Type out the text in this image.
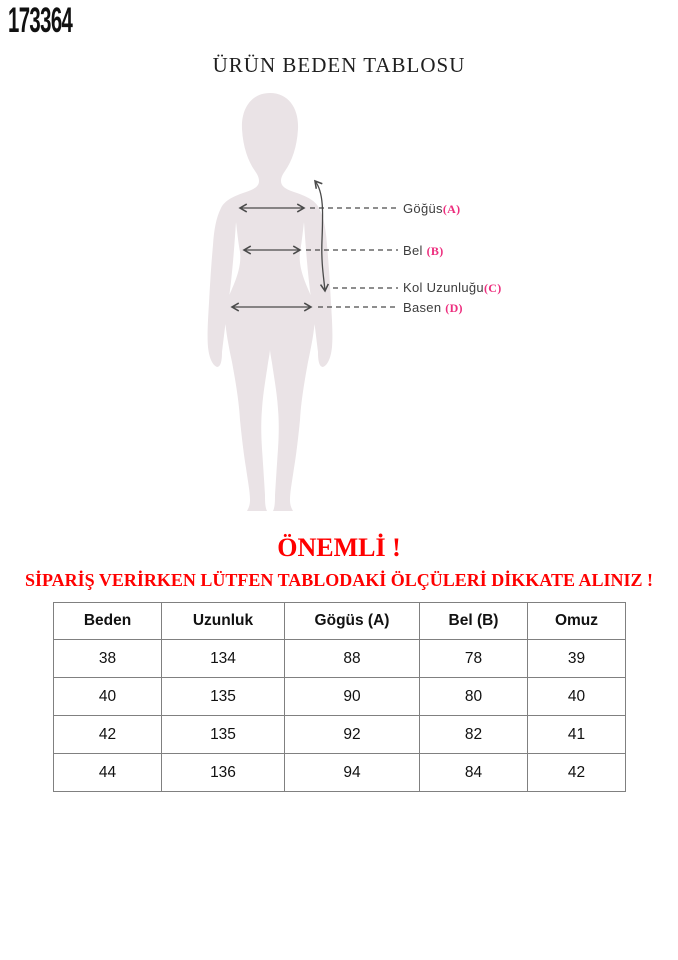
173364
ÜRÜN BEDEN TABLOSU
Göğüs(A)
Bel (B)
Kol Uzunluğu(C)
Basen (D)
ÖNEMLİ !
SİPARİŞ VERİRKEN LÜTFEN TABLODAKİ ÖLÇÜLERİ DİKKATE ALINIZ !
Beden	Uzunluk	Gögüs (A)	Bel (B)	Omuz
38	134	88	78	39
40	135	90	80	40
42	135	92	82	41
44	136	94	84	42
